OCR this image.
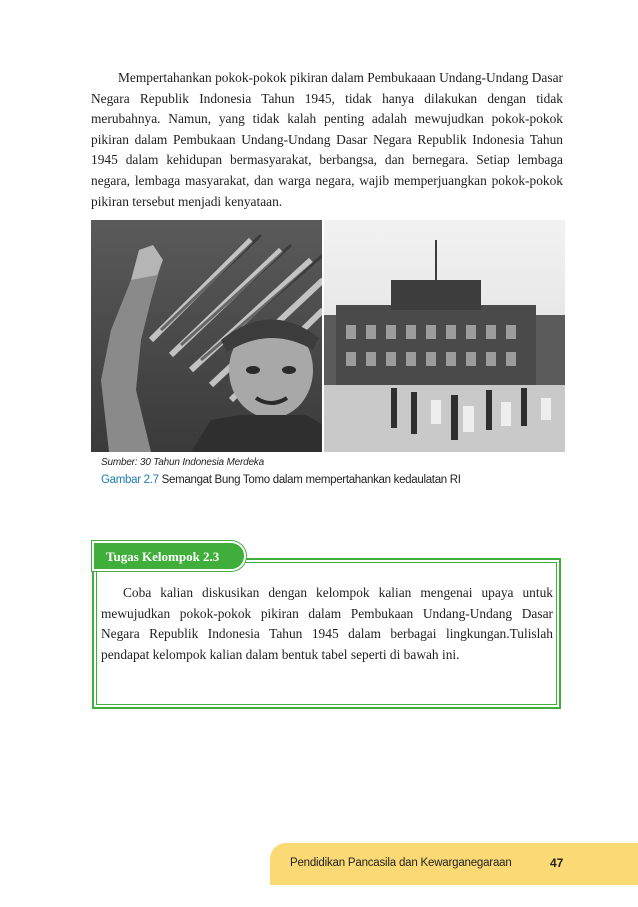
Mempertahankan pokok-pokok pikiran dalam Pembukaaan Undang-Undang Dasar Negara Republik Indonesia Tahun 1945, tidak hanya dilakukan dengan tidak merubahnya. Namun, yang tidak kalah penting adalah mewujudkan pokok-pokok pikiran dalam Pembukaan Undang-Undang Dasar Negara Republik Indonesia Tahun 1945 dalam kehidupan bermasyarakat, berbangsa, dan bernegara. Setiap lembaga negara, lembaga masyarakat, dan warga negara, wajib memperjuangkan pokok-pokok pikiran tersebut menjadi kenyataan.

Sumber: 30 Tahun Indonesia Merdeka
Gambar 2.7 Semangat Bung Tomo dalam mempertahankan kedaulatan RI
Tugas Kelompok 2.3

Coba kalian diskusikan dengan kelompok kalian mengenai upaya untuk mewujudkan pokok-pokok pikiran dalam Pembukaan Undang-Undang Dasar Negara Republik Indonesia Tahun 1945 dalam berbagai lingkungan.Tulislah pendapat kelompok kalian dalam bentuk tabel seperti di bawah ini.

Pendidikan Pancasila dan Kewarganegaraan	47
